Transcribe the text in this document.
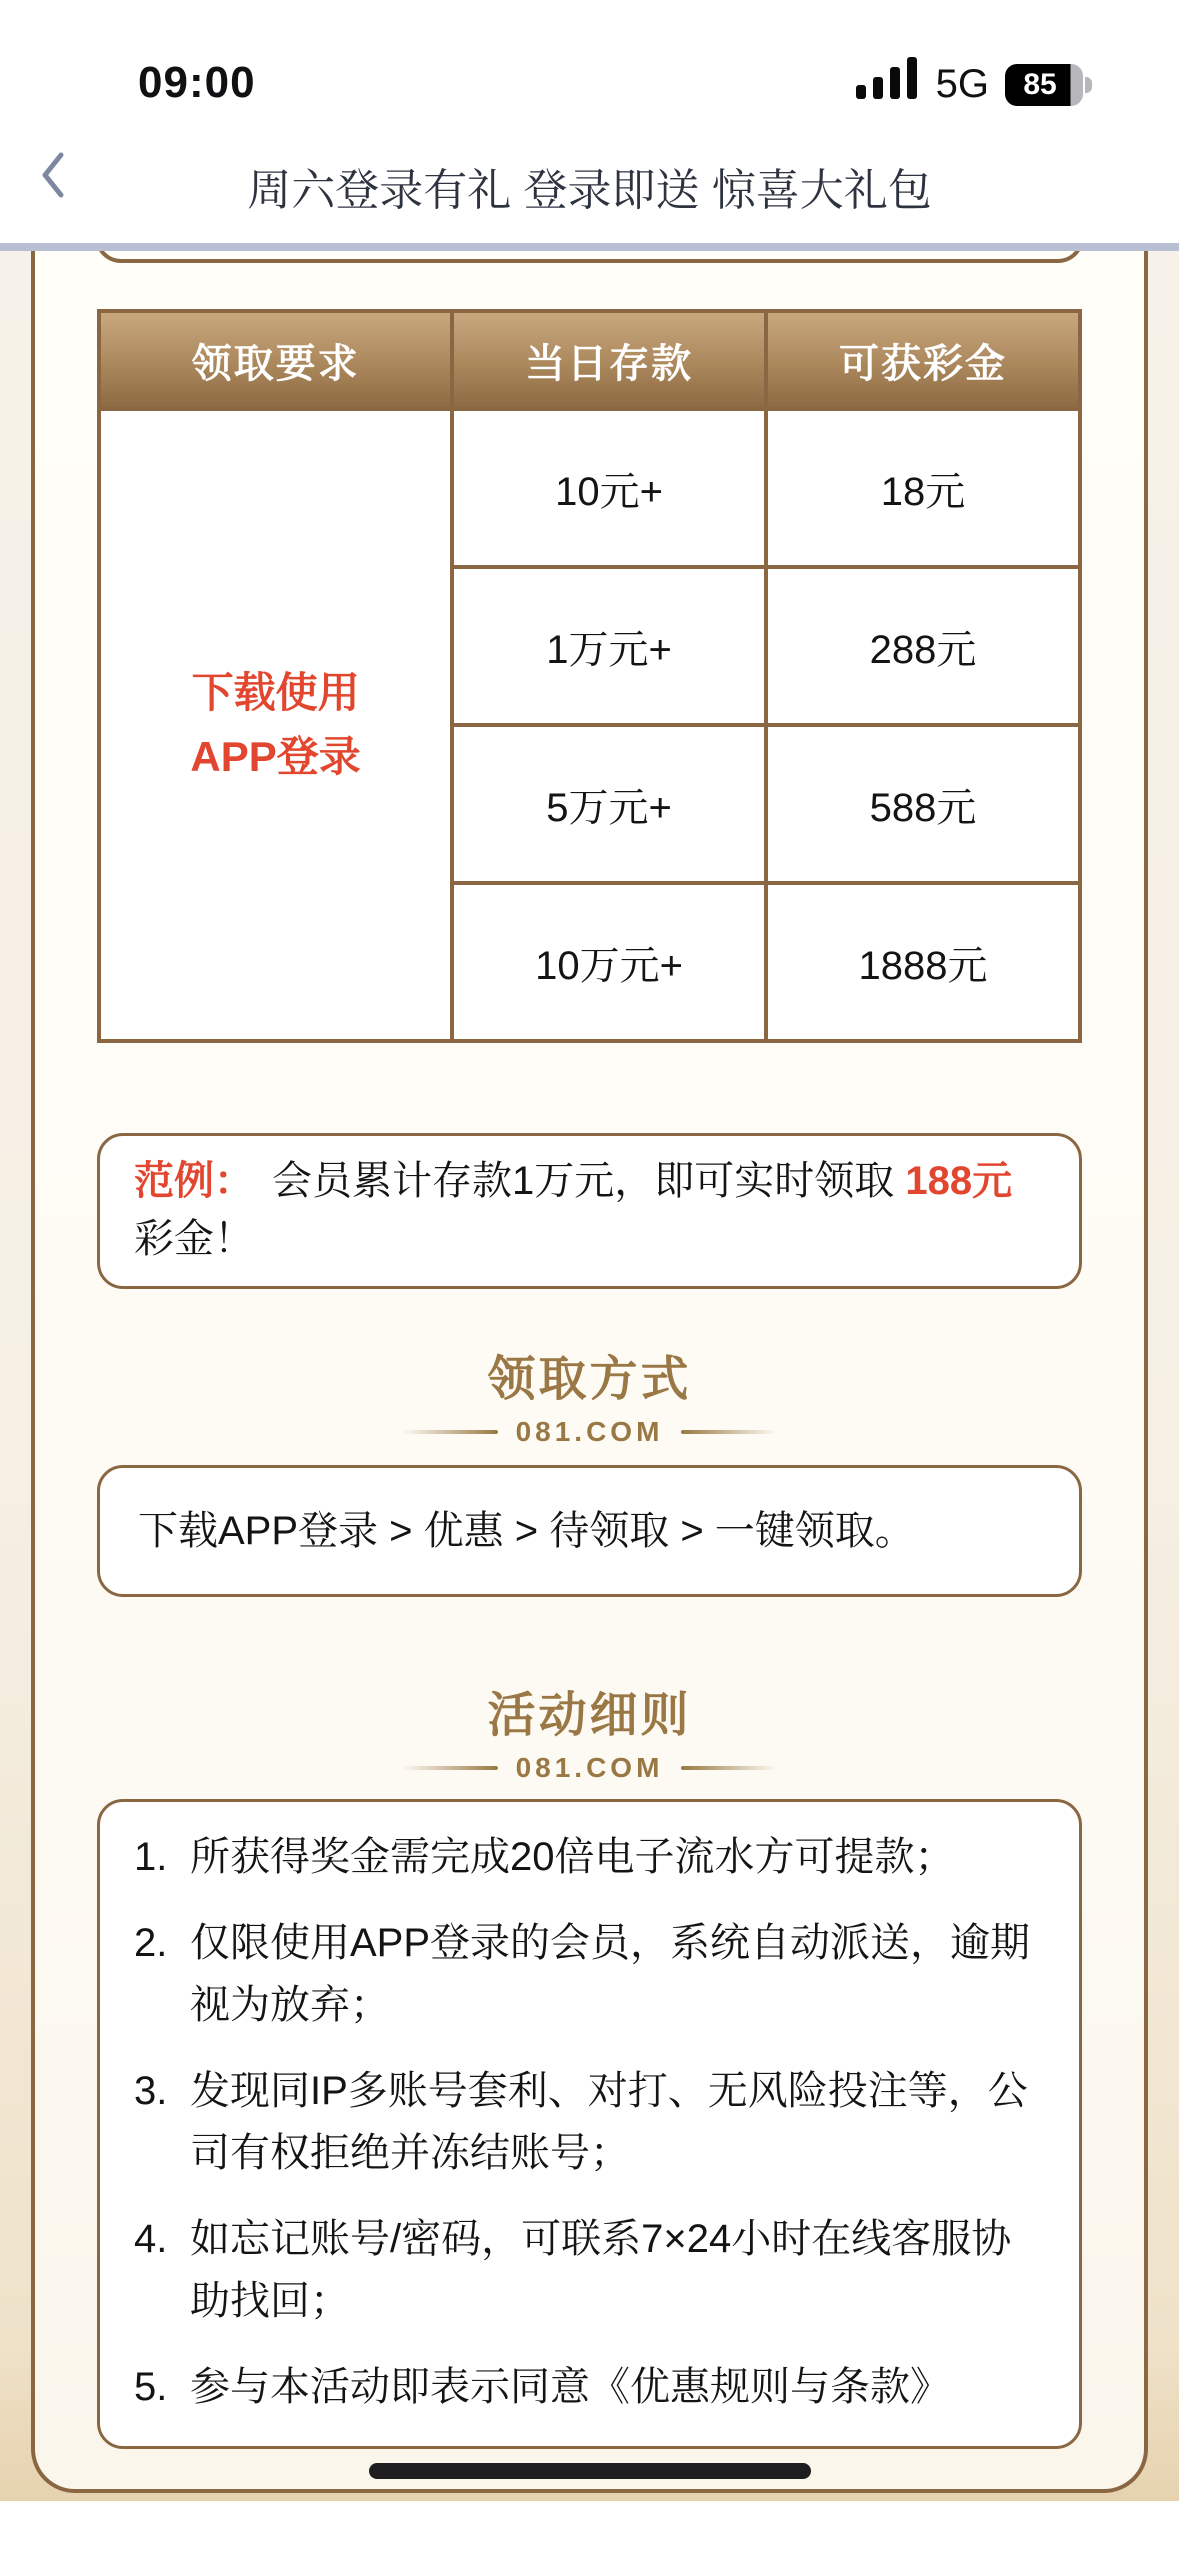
09:00	5G 85
周六登录有礼 登录即送 惊喜大礼包
领取要求	当日存款	可获彩金

下载使用
APP登录	10元+	18元
	1万元+	288元
	5万元+	588元
	10万元+	1888元
范例： 会员累计存款1万元，即可实时领取 188元 彩金！
领取方式
081.COM
下载APP登录 > 优惠 > 待领取 > 一键领取。
活动细则
081.COM
1. 所获得奖金需完成20倍电子流水方可提款；
2. 仅限使用APP登录的会员，系统自动派送，逾期视为放弃；
3. 发现同IP多账号套利、对打、无风险投注等，公司有权拒绝并冻结账号；
4. 如忘记账号/密码，可联系7×24小时在线客服协助找回；
5. 参与本活动即表示同意《优惠规则与条款》
